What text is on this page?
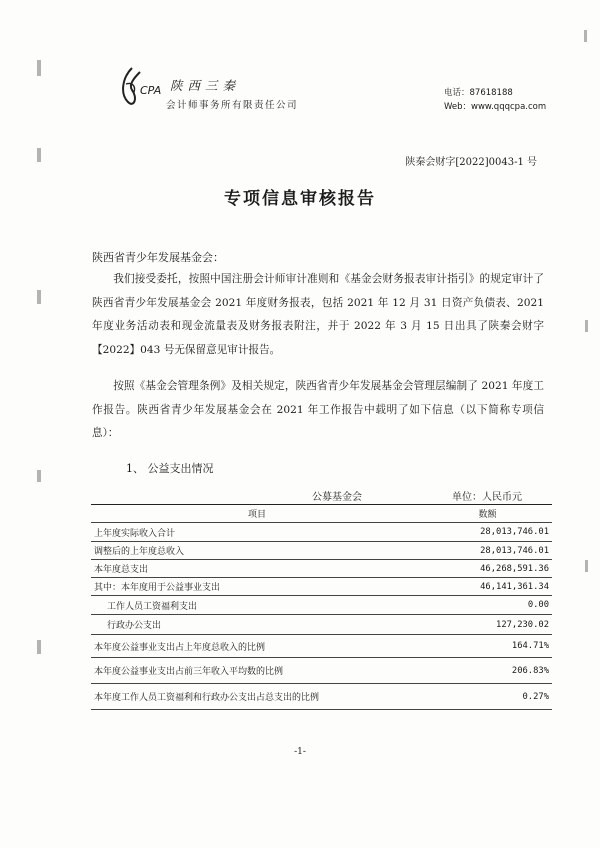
CPA 陕西三秦
会计师事务所有限责任公司
电话：87618188
Web：www.qqqcpa.com
陕秦会财字[2022]0043-1 号
专项信息审核报告
陕西省青少年发展基金会：

我们接受委托，按照中国注册会计师审计准则和《基金会财务报表审计指引》的规定审计了陕西省青少年发展基金会 2021 年度财务报表，包括 2021 年 12 月 31 日资产负债表、2021 年度业务活动表和现金流量表及财务报表附注，并于 2022 年 3 月 15 日出具了陕秦会财字【2022】043 号无保留意见审计报告。

按照《基金会管理条例》及相关规定，陕西省青少年发展基金会管理层编制了 2021 年度工作报告。陕西省青少年发展基金会在 2021 年工作报告中载明了如下信息（以下简称专项信息）：

1、 公益支出情况
公募基金会	单位：人民币元
项目	数额
上年度实际收入合计	28,013,746.01
调整后的上年度总收入	28,013,746.01
本年度总支出	46,268,591.36
其中：本年度用于公益事业支出	46,141,361.34
工作人员工资福利支出	0.00
行政办公支出	127,230.02
本年度公益事业支出占上年度总收入的比例	164.71%
本年度公益事业支出占前三年收入平均数的比例	206.83%
本年度工作人员工资福利和行政办公支出占总支出的比例	0.27%
-1-
